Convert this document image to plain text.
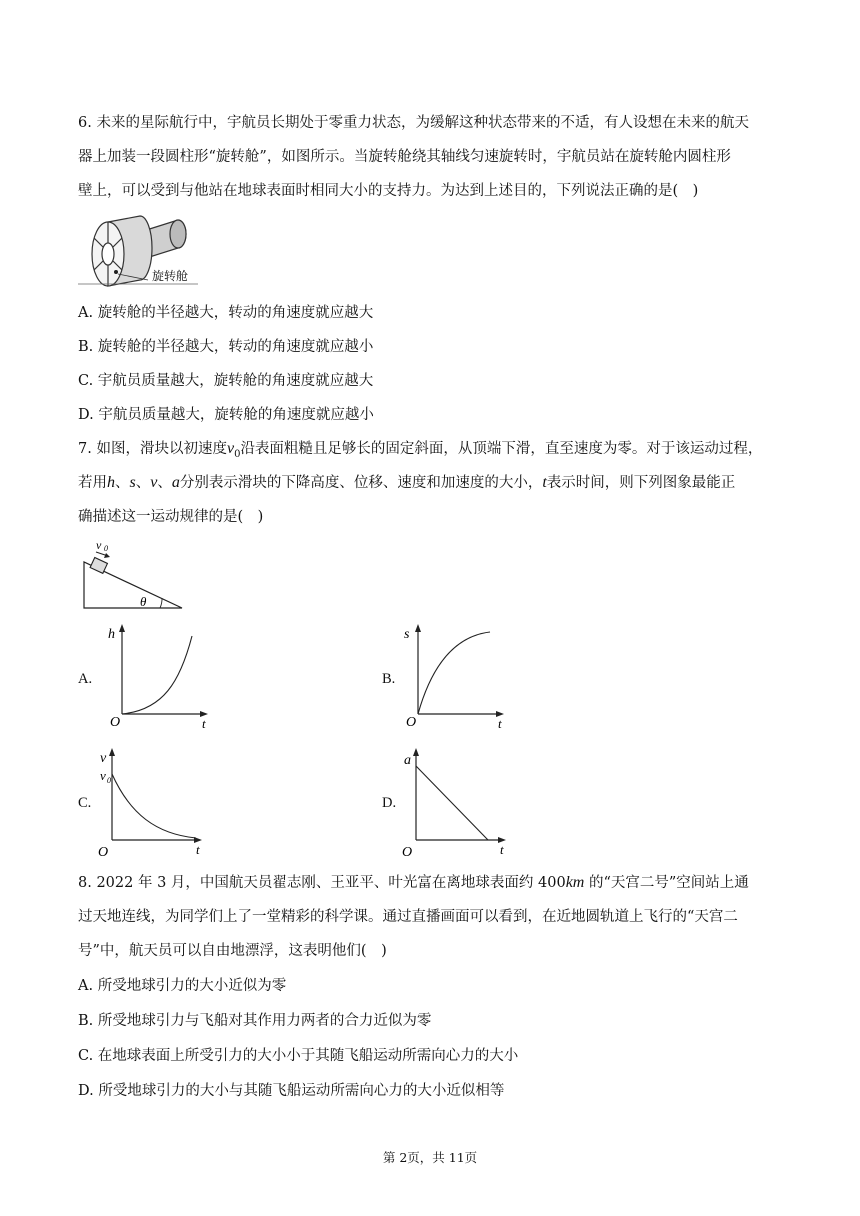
6. 未来的星际航行中，宇航员长期处于零重力状态，为缓解这种状态带来的不适，有人设想在未来的航天
器上加装一段圆柱形“旋转舱”，如图所示。当旋转舱绕其轴线匀速旋转时，宇航员站在旋转舱内圆柱形
壁上，可以受到与他站在地球表面时相同大小的支持力。为达到上述目的，下列说法正确的是(　)
旋转舱
A. 旋转舱的半径越大，转动的角速度就应越大
B. 旋转舱的半径越大，转动的角速度就应越小
C. 宇航员质量越大，旋转舱的角速度就应越大
D. 宇航员质量越大，旋转舱的角速度就应越小
7. 如图，滑块以初速度$v_0$沿表面粗糙且足够长的固定斜面，从顶端下滑，直至速度为零。对于该运动过程，
若用h、s、v、a分别表示滑块的下降高度、位移、速度和加速度的大小，t表示时间，则下列图象最能正
确描述这一运动规律的是(　)
v 0
θ
A.
h
t
O
B.
s
t
O
C.
v
v 0
t
O
D.
a
t
O
8. 2022 年 3 月，中国航天员翟志刚、王亚平、叶光富在离地球表面约 400km 的“天宫二号”空间站上通
过天地连线，为同学们上了一堂精彩的科学课。通过直播画面可以看到，在近地圆轨道上飞行的“天宫二
号”中，航天员可以自由地漂浮，这表明他们(　)
A. 所受地球引力的大小近似为零
B. 所受地球引力与飞船对其作用力两者的合力近似为零
C. 在地球表面上所受引力的大小小于其随飞船运动所需向心力的大小
D. 所受地球引力的大小与其随飞船运动所需向心力的大小近似相等
第 2页，共 11页
